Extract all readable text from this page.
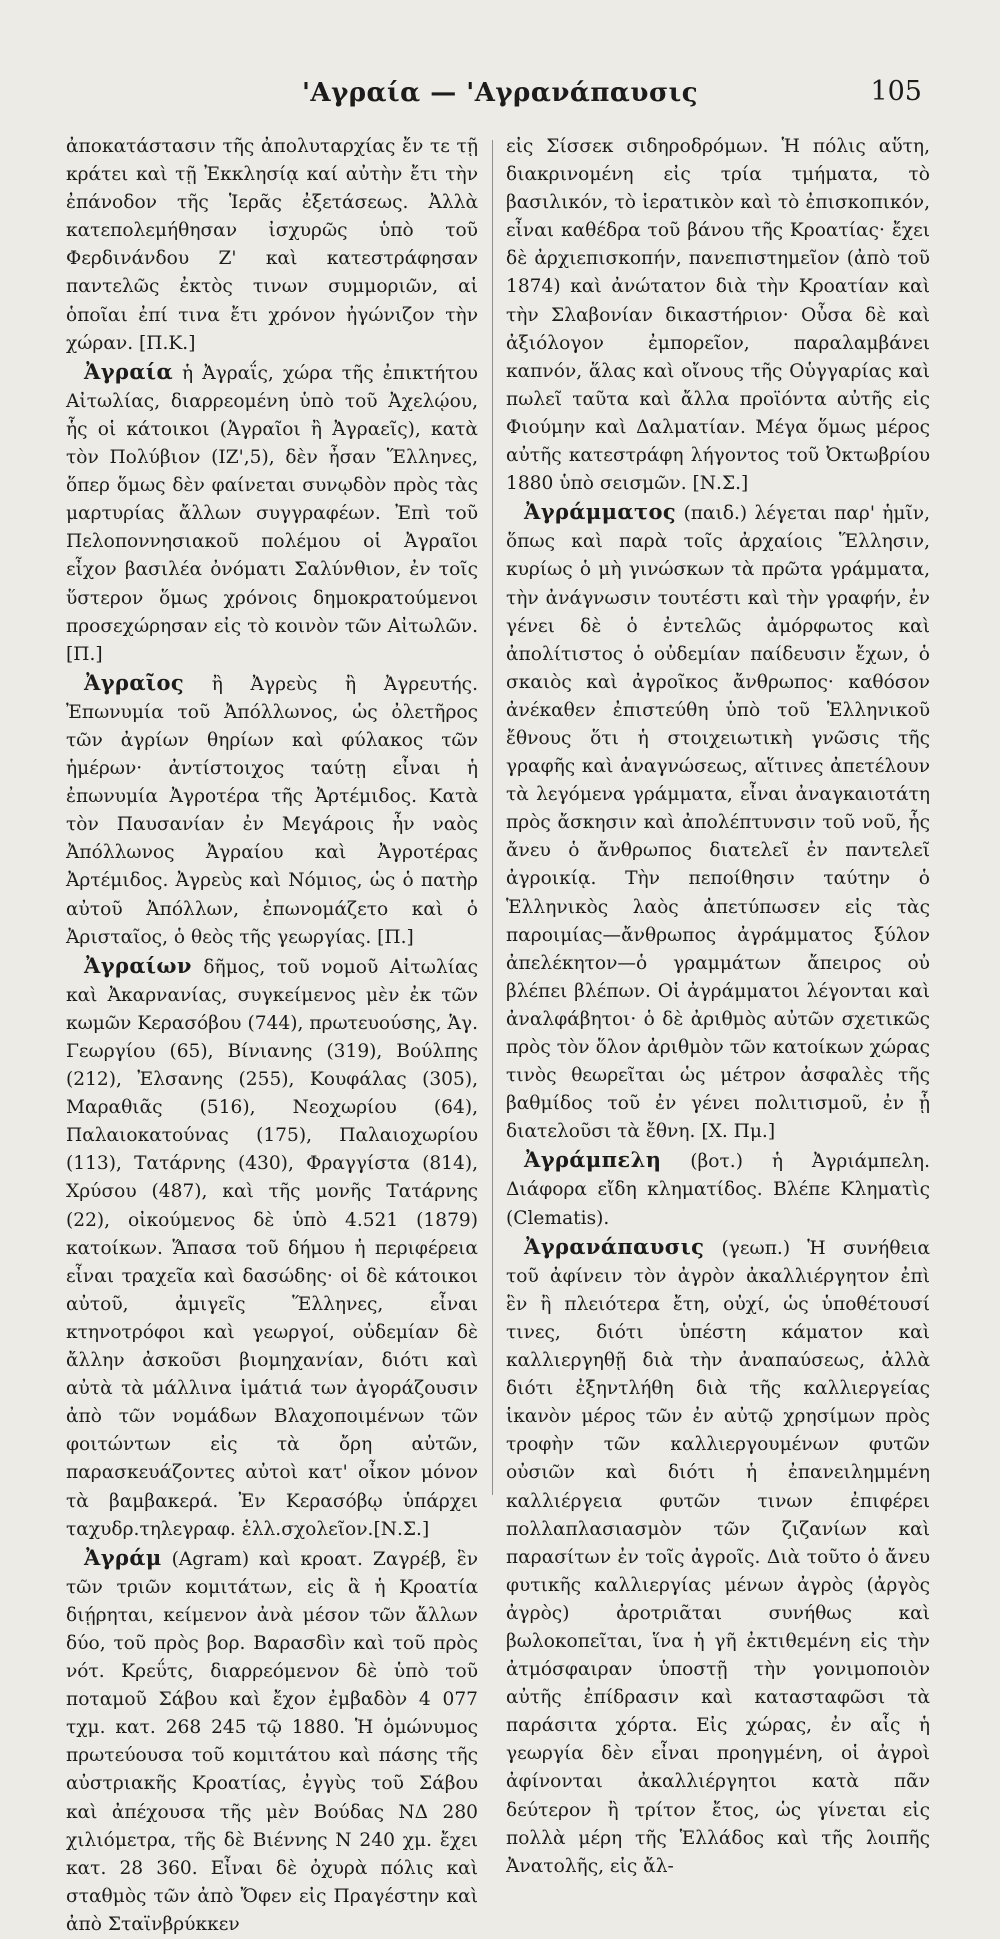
'Αγραία — 'Αγρανάπαυσις	105

ἀποκατάστασιν τῆς ἀπολυταρχίας ἔν τε τῇ κράτει καὶ τῇ Ἐκκλησίᾳ καί αὐτὴν ἔτι τὴν ἐπάνοδον τῆς Ἱερᾶς ἐξετάσεως. Ἀλλὰ κατεπολεμήθησαν ἰσχυρῶς ὑπὸ τοῦ Φερδινάνδου Ζ' καὶ κατεστράφησαν παντελῶς ἐκτὸς τινων συμμοριῶν, αἱ ὁποῖαι ἐπί τινα ἔτι χρόνον ἠγώνιζον τὴν χώραν. [Π.Κ.]

Ἀγραία ἡ Ἀγραΐς, χώρα τῆς ἐπικτήτου Αἰτωλίας, διαρρεομένη ὑπὸ τοῦ Ἀχελῴου, ἧς οἱ κάτοικοι (Ἀγραῖοι ἢ Ἀγραεῖς), κατὰ τὸν Πολύβιον (ΙΖ',5), δὲν ἦσαν Ἕλληνες, ὅπερ ὅμως δὲν φαίνεται συνῳδὸν πρὸς τὰς μαρτυρίας ἄλλων συγγραφέων. Ἐπὶ τοῦ Πελοποννησιακοῦ πολέμου οἱ Ἀγραῖοι εἶχον βασιλέα ὀνόματι Σαλύνθιον, ἐν τοῖς ὕστερον ὅμως χρόνοις δημοκρατούμενοι προσεχώρησαν εἰς τὸ κοινὸν τῶν Αἰτωλῶν. [Π.]

Ἀγραῖος ἢ Ἀγρεὺς ἢ Ἀγρευτής. Ἐπωνυμία τοῦ Ἀπόλλωνος, ὡς ὀλετῆρος τῶν ἀγρίων θηρίων καὶ φύλακος τῶν ἡμέρων· ἀντίστοιχος ταύτῃ εἶναι ἡ ἐπωνυμία Ἀγροτέρα τῆς Ἀρτέμιδος. Κατὰ τὸν Παυσανίαν ἐν Μεγάροις ἦν ναὸς Ἀπόλλωνος Ἀγραίου καὶ Ἀγροτέρας Ἀρτέμιδος. Ἀγρεὺς καὶ Νόμιος, ὡς ὁ πατὴρ αὐτοῦ Ἀπόλλων, ἐπωνομάζετο καὶ ὁ Ἀρισταῖος, ὁ θεὸς τῆς γεωργίας. [Π.]

Ἀγραίων δῆμος, τοῦ νομοῦ Αἰτωλίας καὶ Ἀκαρνανίας, συγκείμενος μὲν ἐκ τῶν κωμῶν Κερασόβου (744), πρωτευούσης, Ἁγ. Γεωργίου (65), Βίνιανης (319), Βούλπης (212), Ἐλσανης (255), Κουφάλας (305), Μαραθιᾶς (516), Νεοχωρίου (64), Παλαιοκατούνας (175), Παλαιοχωρίου (113), Τατάρνης (430), Φραγγίστα (814), Χρύσου (487), καὶ τῆς μονῆς Τατάρνης (22), οἰκούμενος δὲ ὑπὸ 4.521 (1879) κατοίκων. Ἅπασα τοῦ δήμου ἡ περιφέρεια εἶναι τραχεῖα καὶ δασώδης· οἱ δὲ κάτοικοι αὐτοῦ, ἀμιγεῖς Ἕλληνες, εἶναι κτηνοτρόφοι καὶ γεωργοί, οὐδεμίαν δὲ ἄλλην ἀσκοῦσι βιομηχανίαν, διότι καὶ αὐτὰ τὰ μάλλινα ἱμάτιά των ἀγοράζουσιν ἀπὸ τῶν νομάδων Βλαχοποιμένων τῶν φοιτώντων εἰς τὰ ὄρη αὐτῶν, παρασκευάζοντες αὐτοὶ κατ' οἶκον μόνον τὰ βαμβακερά. Ἐν Κερασόβῳ ὑπάρχει ταχυδρ.τηλεγραφ. ἑλλ.σχολεῖον.[Ν.Σ.]

Ἀγράμ (Agram) καὶ κροατ. Ζαγρέβ, ἓν τῶν τριῶν κομιτάτων, εἰς ἃ ἡ Κροατία διῄρηται, κείμενον ἀνὰ μέσον τῶν ἄλλων δύο, τοῦ πρὸς βορ. Βαρασδὶν καὶ τοῦ πρὸς νότ. Κρεΰτς, διαρρεόμενον δὲ ὑπὸ τοῦ ποταμοῦ Σάβου καὶ ἔχον ἐμβαδὸν 4 077 τχμ. κατ. 268 245 τῷ 1880. Ἡ ὁμώνυμος πρωτεύουσα τοῦ κομιτάτου καὶ πάσης τῆς αὐστριακῆς Κροατίας, ἐγγὺς τοῦ Σάβου καὶ ἀπέχουσα τῆς μὲν Βούδας ΝΔ 280 χιλιόμετρα, τῆς δὲ Βιέννης Ν 240 χμ. ἔχει κατ. 28 360. Εἶναι δὲ ὀχυρὰ πόλις καὶ σταθμὸς τῶν ἀπὸ Ὄφεν εἰς Πραγέστην καὶ ἀπὸ Σταϊνβρύκκεν

εἰς Σίσσεκ σιδηροδρόμων. Ἡ πόλις αὕτη, διακρινομένη εἰς τρία τμήματα, τὸ βασιλικόν, τὸ ἱερατικὸν καὶ τὸ ἐπισκοπικόν, εἶναι καθέδρα τοῦ βάνου τῆς Κροατίας· ἔχει δὲ ἀρχιεπισκοπήν, πανεπιστημεῖον (ἀπὸ τοῦ 1874) καὶ ἀνώτατον διὰ τὴν Κροατίαν καὶ τὴν Σλαβονίαν δικαστήριον· Οὖσα δὲ καὶ ἀξιόλογον ἐμπορεῖον, παραλαμβάνει καπνόν, ἅλας καὶ οἴνους τῆς Οὑγγαρίας καὶ πωλεῖ ταῦτα καὶ ἄλλα προϊόντα αὐτῆς εἰς Φιούμην καὶ Δαλματίαν. Μέγα ὅμως μέρος αὐτῆς κατεστράφη λήγοντος τοῦ Ὀκτωβρίου 1880 ὑπὸ σεισμῶν. [Ν.Σ.]

Ἀγράμματος (παιδ.) λέγεται παρ' ἡμῖν, ὅπως καὶ παρὰ τοῖς ἀρχαίοις Ἕλλησιν, κυρίως ὁ μὴ γινώσκων τὰ πρῶτα γράμματα, τὴν ἀνάγνωσιν τουτέστι καὶ τὴν γραφήν, ἐν γένει δὲ ὁ ἐντελῶς ἀμόρφωτος καὶ ἀπολίτιστος ὁ οὐδεμίαν παίδευσιν ἔχων, ὁ σκαιὸς καὶ ἀγροῖκος ἄνθρωπος· καθόσον ἀνέκαθεν ἐπιστεύθη ὑπὸ τοῦ Ἑλληνικοῦ ἔθνους ὅτι ἡ στοιχειωτικὴ γνῶσις τῆς γραφῆς καὶ ἀναγνώσεως, αἵτινες ἀπετέλουν τὰ λεγόμενα γράμματα, εἶναι ἀναγκαιοτάτη πρὸς ἄσκησιν καὶ ἀπολέπτυνσιν τοῦ νοῦ, ἧς ἄνευ ὁ ἄνθρωπος διατελεῖ ἐν παντελεῖ ἀγροικίᾳ. Τὴν πεποίθησιν ταύτην ὁ Ἑλληνικὸς λαὸς ἀπετύπωσεν εἰς τὰς παροιμίας—ἄνθρωπος ἀγράμματος ξύλον ἀπελέκητον—ὁ γραμμάτων ἄπειρος οὐ βλέπει βλέπων. Οἱ ἀγράμματοι λέγονται καὶ ἀναλφάβητοι· ὁ δὲ ἀριθμὸς αὐτῶν σχετικῶς πρὸς τὸν ὅλον ἀριθμὸν τῶν κατοίκων χώρας τινὸς θεωρεῖται ὡς μέτρον ἀσφαλὲς τῆς βαθμίδος τοῦ ἐν γένει πολιτισμοῦ, ἐν ᾗ διατελοῦσι τὰ ἔθνη. [Χ. Πμ.]

Ἀγράμπελη (βοτ.) ἡ Ἀγριάμπελη. Διάφορα εἴδη κληματίδος. Βλέπε Κληματὶς (Clematis).

Ἀγρανάπαυσις (γεωπ.) Ἡ συνήθεια τοῦ ἀφίνειν τὸν ἀγρὸν ἀκαλλιέργητον ἐπὶ ἓν ἢ πλειότερα ἔτη, οὐχί, ὡς ὑποθέτουσί τινες, διότι ὑπέστη κάματον καὶ καλλιεργηθῇ διὰ τὴν ἀναπαύσεως, ἀλλὰ διότι ἐξηντλήθη διὰ τῆς καλλιεργείας ἱκανὸν μέρος τῶν ἐν αὐτῷ χρησίμων πρὸς τροφὴν τῶν καλλιεργουμένων φυτῶν οὐσιῶν καὶ διότι ἡ ἐπανειλημμένη καλλιέργεια φυτῶν τινων ἐπιφέρει πολλαπλασιασμὸν τῶν ζιζανίων καὶ παρασίτων ἐν τοῖς ἀγροῖς. Διὰ τοῦτο ὁ ἄνευ φυτικῆς καλλιεργίας μένων ἀγρὸς (ἀργὸς ἀγρὸς) ἀροτριᾶται συνήθως καὶ βωλοκοπεῖται, ἵνα ἡ γῆ ἐκτιθεμένη εἰς τὴν ἀτμόσφαιραν ὑποστῇ τὴν γονιμοποιὸν αὐτῆς ἐπίδρασιν καὶ κατασταφῶσι τὰ παράσιτα χόρτα. Εἰς χώρας, ἐν αἷς ἡ γεωργία δὲν εἶναι προηγμένη, οἱ ἀγροὶ ἀφίνονται ἀκαλλιέργητοι κατὰ πᾶν δεύτερον ἢ τρίτον ἔτος, ὡς γίνεται εἰς πολλὰ μέρη τῆς Ἑλλάδος καὶ τῆς λοιπῆς Ἀνατολῆς, εἰς ἄλ-
